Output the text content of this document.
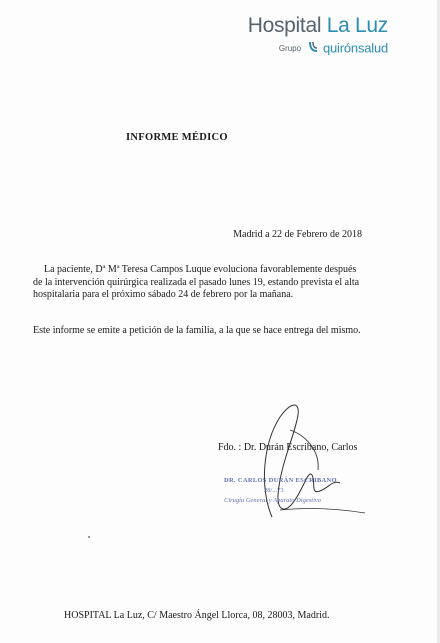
Hospital La Luz
Grupo quirónsalud
INFORME MÉDICO
Madrid a 22 de Febrero de 2018
La paciente, Dª Mª Teresa Campos Luque evoluciona favorablemente después
de la intervención quirúrgica realizada el pasado lunes 19, estando prevista el alta
hospitalaria para el próximo sábado 24 de febrero por la mañana.
Este informe se emite a petición de la familia, a la que se hace entrega del mismo.
Fdo. : Dr. Durán Escribano, Carlos
DR. CARLOS DURÁN ESCRIBANO
28/...73
Cirugía General y Aparato Digestivo
HOSPITAL La Luz, C/ Maestro Ángel Llorca, 08, 28003, Madrid.
